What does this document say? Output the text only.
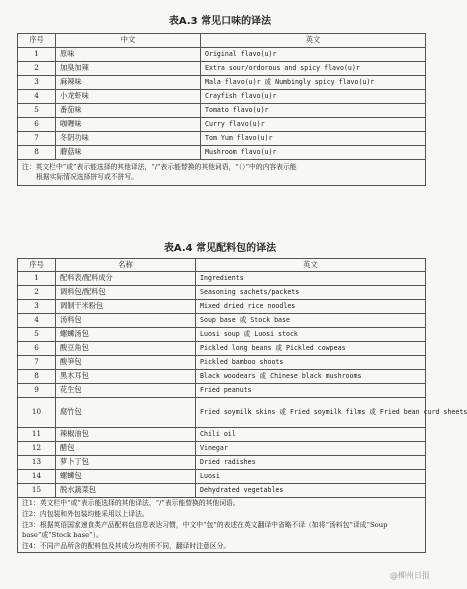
表A.3 常见口味的译法
序号	中文	英文
1	原味	Original flavo(u)r
2	加臭加辣	Extra sour/ordorous and spicy flavo(u)r
3	麻辣味	Mala flavo(u)r 或 Numbingly spicy flavo(u)r
4	小龙虾味	Crayfish flavo(u)r
5	番茄味	Tomato flavo(u)r
6	咖喱味	Curry flavo(u)r
7	冬阴功味	Tom Yum flavo(u)r
8	蘑菇味	Mushroom flavo(u)r

注：英文栏中“或”表示能选择的其他译法，“/”表示能替换的其他词语，“（）”中的内容表示能
根据实际情况选择拼写或不拼写。		
表A.4 常见配料包的译法
序号	名称	英文
1	配料表/配料成分	Ingredients
2	调料包/配料包	Seasoning sachets/packets
3	调制干米粉包	Mixed dried rice noodles
4	汤料包	Soup base 或 Stock base
5	螺蛳汤包	Luosi soup 或 Luosi stock
6	酸豆角包	Pickled long beans 或 Pickled cowpeas
7	酸笋包	Pickled bamboo shoots
8	黑木耳包	Black woodears 或 Chinese black mushrooms
9	花生包	Fried peanuts
10	腐竹包	Fried soymilk skins 或 Fried soymilk films 或 Fried bean curd sheets
11	辣椒油包	Chili oil
12	醋包	Vinegar
13	萝卜丁包	Dried radishes
14	螺蛳包	Luosi
15	脱水蔬菜包	Dehydrated vegetables

注1：英文栏中“或”表示能选择的其他译法，“/”表示能替换的其他词语。
注2：内包装和外包装均能采用以上译法。
注3：根据英语国家速食类产品配料包信息表达习惯，中文中“包”的表述在英文翻译中省略不译（如将“汤料包”译成“Soup base”或“Stock base”）。
注4：不同产品所含的配料包及其成分均有所不同，翻译时注意区分。		
@柳州日报
